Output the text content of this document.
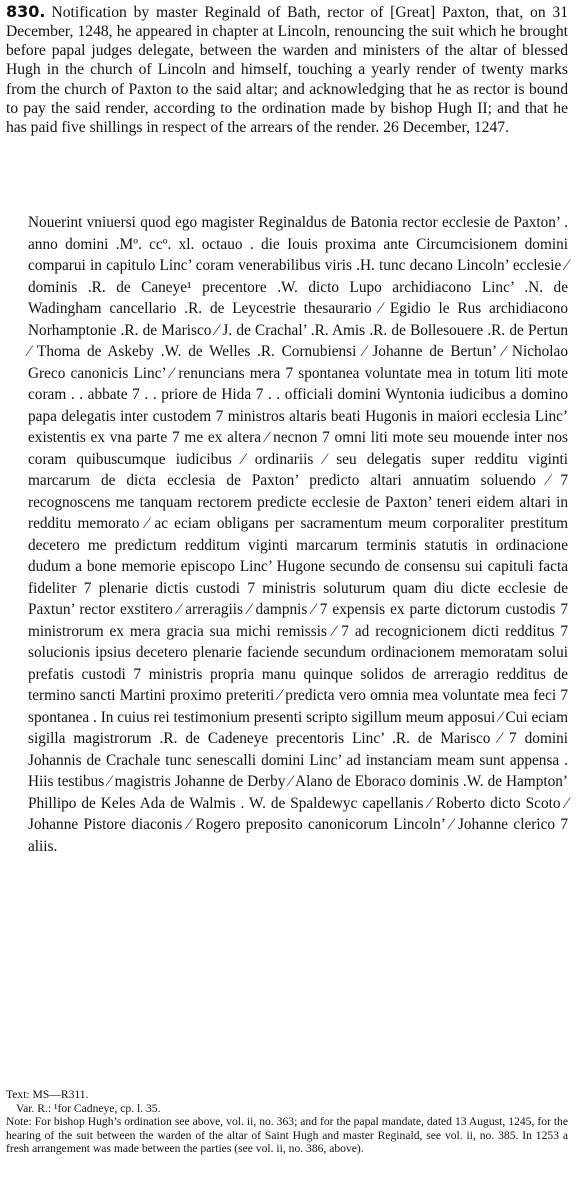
830. Notification by master Reginald of Bath, rector of [Great] Paxton, that, on 31 December, 1248, he appeared in chapter at Lincoln, renouncing the suit which he brought before papal judges delegate, between the warden and ministers of the altar of blessed Hugh in the church of Lincoln and himself, touching a yearly render of twenty marks from the church of Paxton to the said altar; and acknowledging that he as rector is bound to pay the said render, according to the ordination made by bishop Hugh II; and that he has paid five shillings in respect of the arrears of the render. 26 December, 1247.

Nouerint vniuersi quod ego magister Reginaldus de Batonia rector ecclesie de Paxton’ . anno domini .Mº. ccº. xl. octauo . die Iouis proxima ante Circumcisionem domini comparui in capitulo Linc’ coram venerabilibus viris .H. tunc decano Lincoln’ ecclesie ⁄ dominis .R. de Caneye¹ precentore .W. dicto Lupo archidiacono Linc’ .N. de Wadingham cancellario .R. de Leycestrie thesaurario ⁄ Egidio le Rus archidiacono Norhamptonie .R. de Marisco ⁄ J. de Crachal’ .R. Amis .R. de Bollesouere .R. de Pertun ⁄ Thoma de Askeby .W. de Welles .R. Cornubiensi ⁄ Johanne de Bertun’ ⁄ Nicholao Greco canonicis Linc’ ⁄ renuncians mera 7 spontanea voluntate mea in totum liti mote coram . . abbate 7 . . priore de Hida 7 . . officiali domini Wyntonia iudicibus a domino papa delegatis inter custodem 7 ministros altaris beati Hugonis in maiori ecclesia Linc’ existentis ex vna parte 7 me ex altera ⁄ necnon 7 omni liti mote seu mouende inter nos coram quibuscumque iudicibus ⁄ ordinariis ⁄ seu delegatis super redditu viginti marcarum de dicta ecclesia de Paxton’ predicto altari annuatim soluendo ⁄ 7 recognoscens me tanquam rectorem predicte ecclesie de Paxton’ teneri eidem altari in redditu memorato ⁄ ac eciam obligans per sacramentum meum corporaliter prestitum decetero me predictum redditum viginti marcarum terminis statutis in ordinacione dudum a bone memorie episcopo Linc’ Hugone secundo de consensu sui capituli facta fideliter 7 plenarie dictis custodi 7 ministris soluturum quam diu dicte ecclesie de Paxtun’ rector exstitero ⁄ arreragiis ⁄ dampnis ⁄ 7 expensis ex parte dictorum custodis 7 ministrorum ex mera gracia sua michi remissis ⁄ 7 ad recognicionem dicti redditus 7 solucionis ipsius decetero plenarie faciende secundum ordinacionem memoratam solui prefatis custodi 7 ministris propria manu quinque solidos de arreragio redditus de termino sancti Martini proximo preteriti ⁄ predicta vero omnia mea voluntate mea feci 7 spontanea . In cuius rei testimonium presenti scripto sigillum meum apposui ⁄ Cui eciam sigilla magistrorum .R. de Cadeneye precentoris Linc’ .R. de Marisco ⁄ 7 domini Johannis de Crachale tunc senescalli domini Linc’ ad instanciam meam sunt appensa . Hiis testibus ⁄ magistris Johanne de Derby ⁄ Alano de Eboraco dominis .W. de Hampton’ Phillipo de Keles Ada de Walmis . W. de Spaldewyc capellanis ⁄ Roberto dicto Scoto ⁄ Johanne Pistore diaconis ⁄ Rogero preposito canonicorum Lincoln’ ⁄ Johanne clerico 7 aliis.

Text: MS—R311.
Var. R.: ¹for Cadneye, cp. l. 35.
Note: For bishop Hugh’s ordination see above, vol. ii, no. 363; and for the papal mandate, dated 13 August, 1245, for the hearing of the suit between the warden of the altar of Saint Hugh and master Reginald, see vol. ii, no. 385. In 1253 a fresh arrangement was made between the parties (see vol. ii, no. 386, above).
